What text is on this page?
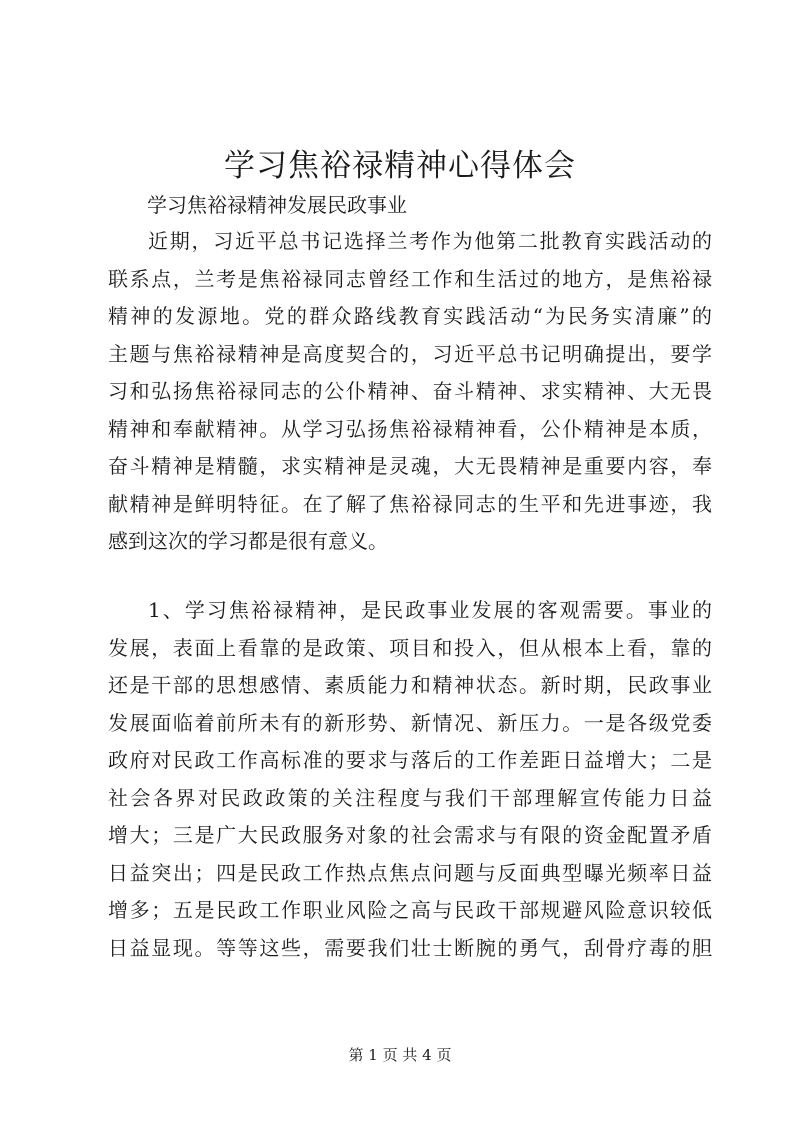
学习焦裕禄精神心得体会

学习焦裕禄精神发展民政事业

近期，习近平总书记选择兰考作为他第二批教育实践活动的
联系点，兰考是焦裕禄同志曾经工作和生活过的地方，是焦裕禄
精神的发源地。党的群众路线教育实践活动“为民务实清廉”的
主题与焦裕禄精神是高度契合的，习近平总书记明确提出，要学
习和弘扬焦裕禄同志的公仆精神、奋斗精神、求实精神、大无畏
精神和奉献精神。从学习弘扬焦裕禄精神看，公仆精神是本质，
奋斗精神是精髓，求实精神是灵魂，大无畏精神是重要内容，奉
献精神是鲜明特征。在了解了焦裕禄同志的生平和先进事迹，我
感到这次的学习都是很有意义。
1、学习焦裕禄精神，是民政事业发展的客观需要。事业的
发展，表面上看靠的是政策、项目和投入，但从根本上看，靠的
还是干部的思想感情、素质能力和精神状态。新时期，民政事业
发展面临着前所未有的新形势、新情况、新压力。一是各级党委
政府对民政工作高标准的要求与落后的工作差距日益增大；二是
社会各界对民政政策的关注程度与我们干部理解宣传能力日益
增大；三是广大民政服务对象的社会需求与有限的资金配置矛盾
日益突出；四是民政工作热点焦点问题与反面典型曝光频率日益
增多；五是民政工作职业风险之高与民政干部规避风险意识较低
日益显现。等等这些，需要我们壮士断腕的勇气，刮骨疗毒的胆

第 1 页 共 4 页
